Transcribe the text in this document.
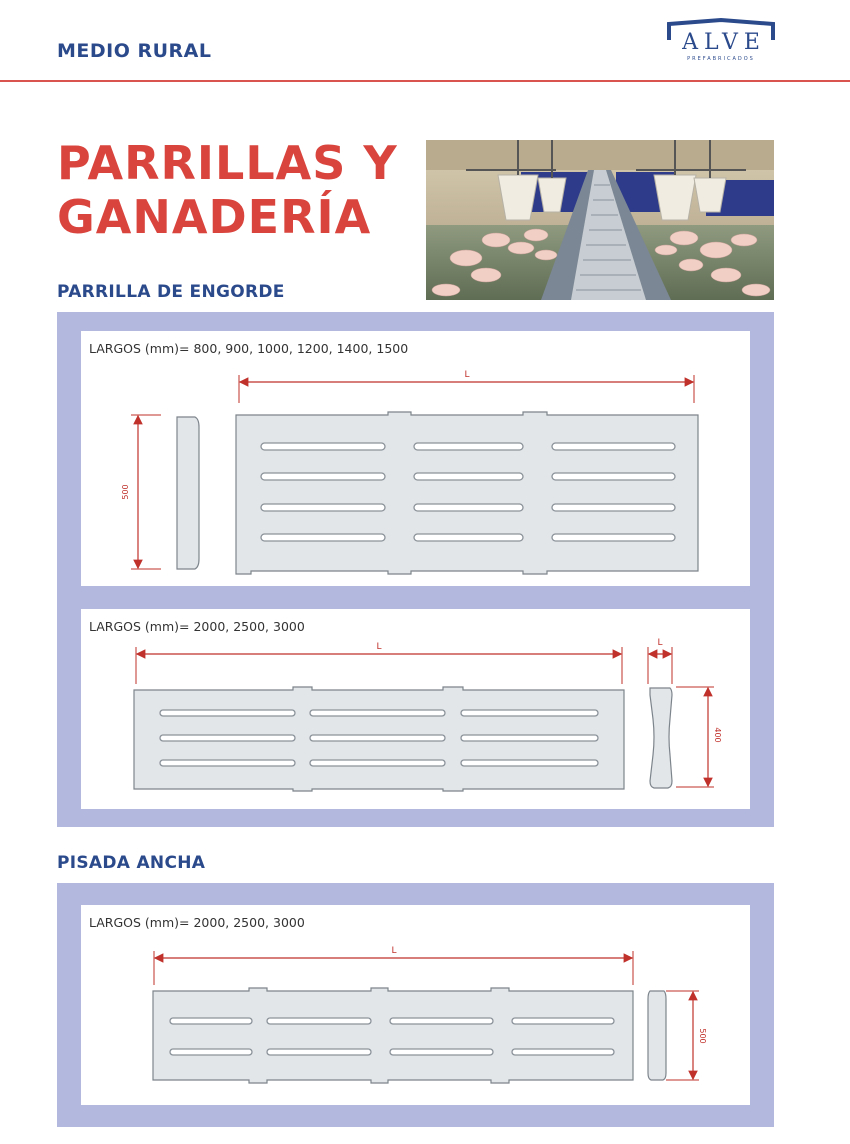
MEDIO RURAL	ALVE
PREFABRICADOS
PARRILLAS Y
GANADERÍA
PARRILLA DE ENGORDE
LARGOS (mm)= 800, 900, 1000, 1200, 1400, 1500
L
500
LARGOS (mm)= 2000, 2500, 3000
L	L
400
PISADA ANCHA
LARGOS (mm)= 2000, 2500, 3000
L
500
